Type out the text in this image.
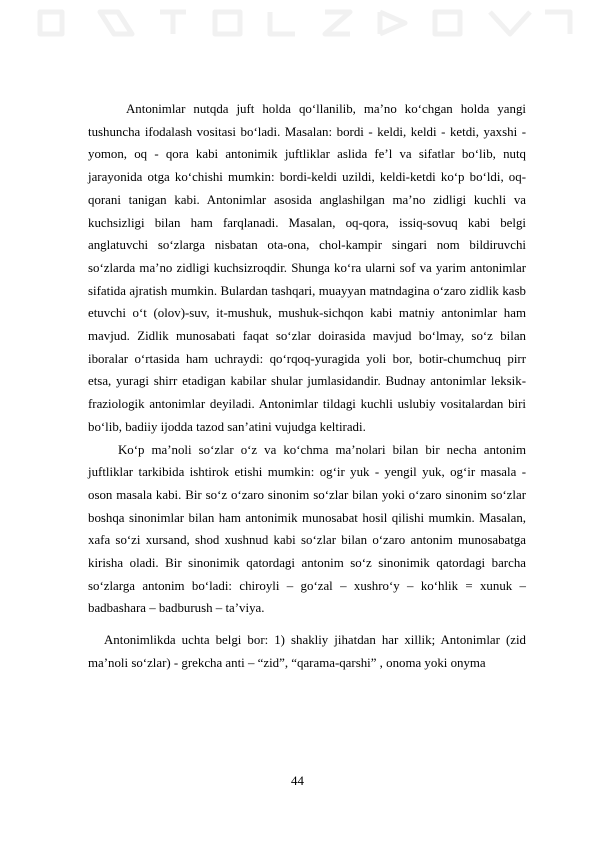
Antonimlar nutqda juft holda qo‘llanilib, ma’no ko‘chgan holda yangi tushuncha ifodalash vositasi bo‘ladi. Masalan: bordi - keldi, keldi - ketdi, yaxshi - yomon, oq - qora kabi antonimik juftliklar aslida fe’l va sifatlar bo‘lib, nutq jarayonida otga ko‘chishi mumkin: bordi-keldi uzildi, keldi-ketdi ko‘p bo‘ldi, oq-qorani tanigan kabi. Antonimlar asosida anglashilgan ma’no zidligi kuchli va kuchsizligi bilan ham farqlanadi. Masalan, oq-qora, issiq-sovuq kabi belgi anglatuvchi so‘zlarga nisbatan ota-ona, chol-kampir singari nom bildiruvchi so‘zlarda ma’no zidligi kuchsizroqdir. Shunga ko‘ra ularni sof va yarim antonimlar sifatida ajratish mumkin. Bulardan tashqari, muayyan matndagina o‘zaro zidlik kasb etuvchi o‘t (olov)-suv, it-mushuk, mushuk-sichqon kabi matniy antonimlar ham mavjud. Zidlik munosabati faqat so‘zlar doirasida mavjud bo‘lmay, so‘z bilan iboralar o‘rtasida ham uchraydi: qo‘rqoq-yuragida yoli bor, botir-chumchuq pirr etsa, yuragi shirr etadigan kabilar shular jumlasidandir. Budnay antonimlar leksik-fraziologik antonimlar deyiladi. Antonimlar tildagi kuchli uslubiy vositalardan biri bo‘lib, badiiy ijodda tazod san’atini vujudga keltiradi.

Ko‘p ma’noli so‘zlar o‘z va ko‘chma ma’nolari bilan bir necha antonim juftliklar tarkibida ishtirok etishi mumkin: og‘ir yuk - yengil yuk, og‘ir masala - oson masala kabi. Bir so‘z o‘zaro sinonim so‘zlar bilan yoki o‘zaro sinonim so‘zlar boshqa sinonimlar bilan ham antonimik munosabat hosil qilishi mumkin. Masalan, xafa so‘zi xursand, shod xushnud kabi so‘zlar bilan o‘zaro antonim munosabatga kirisha oladi. Bir sinonimik qatordagi antonim so‘z sinonimik qatordagi barcha so‘zlarga antonim bo‘ladi: chiroyli – go‘zal – xushro‘y – ko‘hlik = xunuk – badbashara – badburush – ta’viya.

Antonimlikda uchta belgi bor: 1) shakliy jihatdan har xillik; Antonimlar (zid ma’noli so‘zlar) - grekcha anti – “zid”, “qarama-qarshi” , onoma yoki onyma

44
